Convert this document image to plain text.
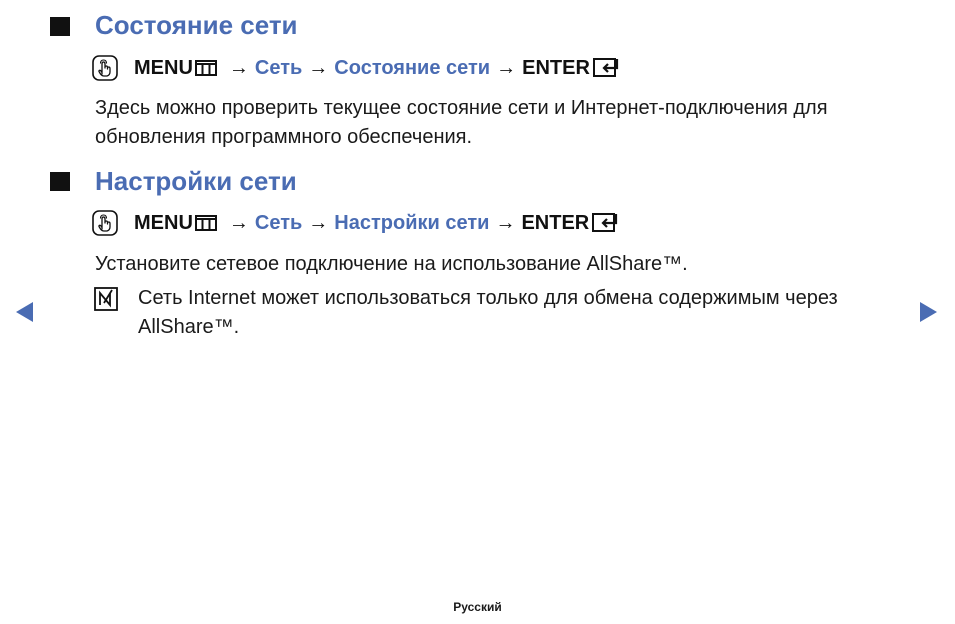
Состояние сети
MENU → Сеть → Состояние сети → ENTER
Здесь можно проверить текущее состояние сети и Интернет-подключения для обновления программного обеспечения.
Настройки сети
MENU → Сеть → Настройки сети → ENTER
Установите сетевое подключение на использование AllShare™.
Сеть Internet может использоваться только для обмена содержимым через AllShare™.
Русский
